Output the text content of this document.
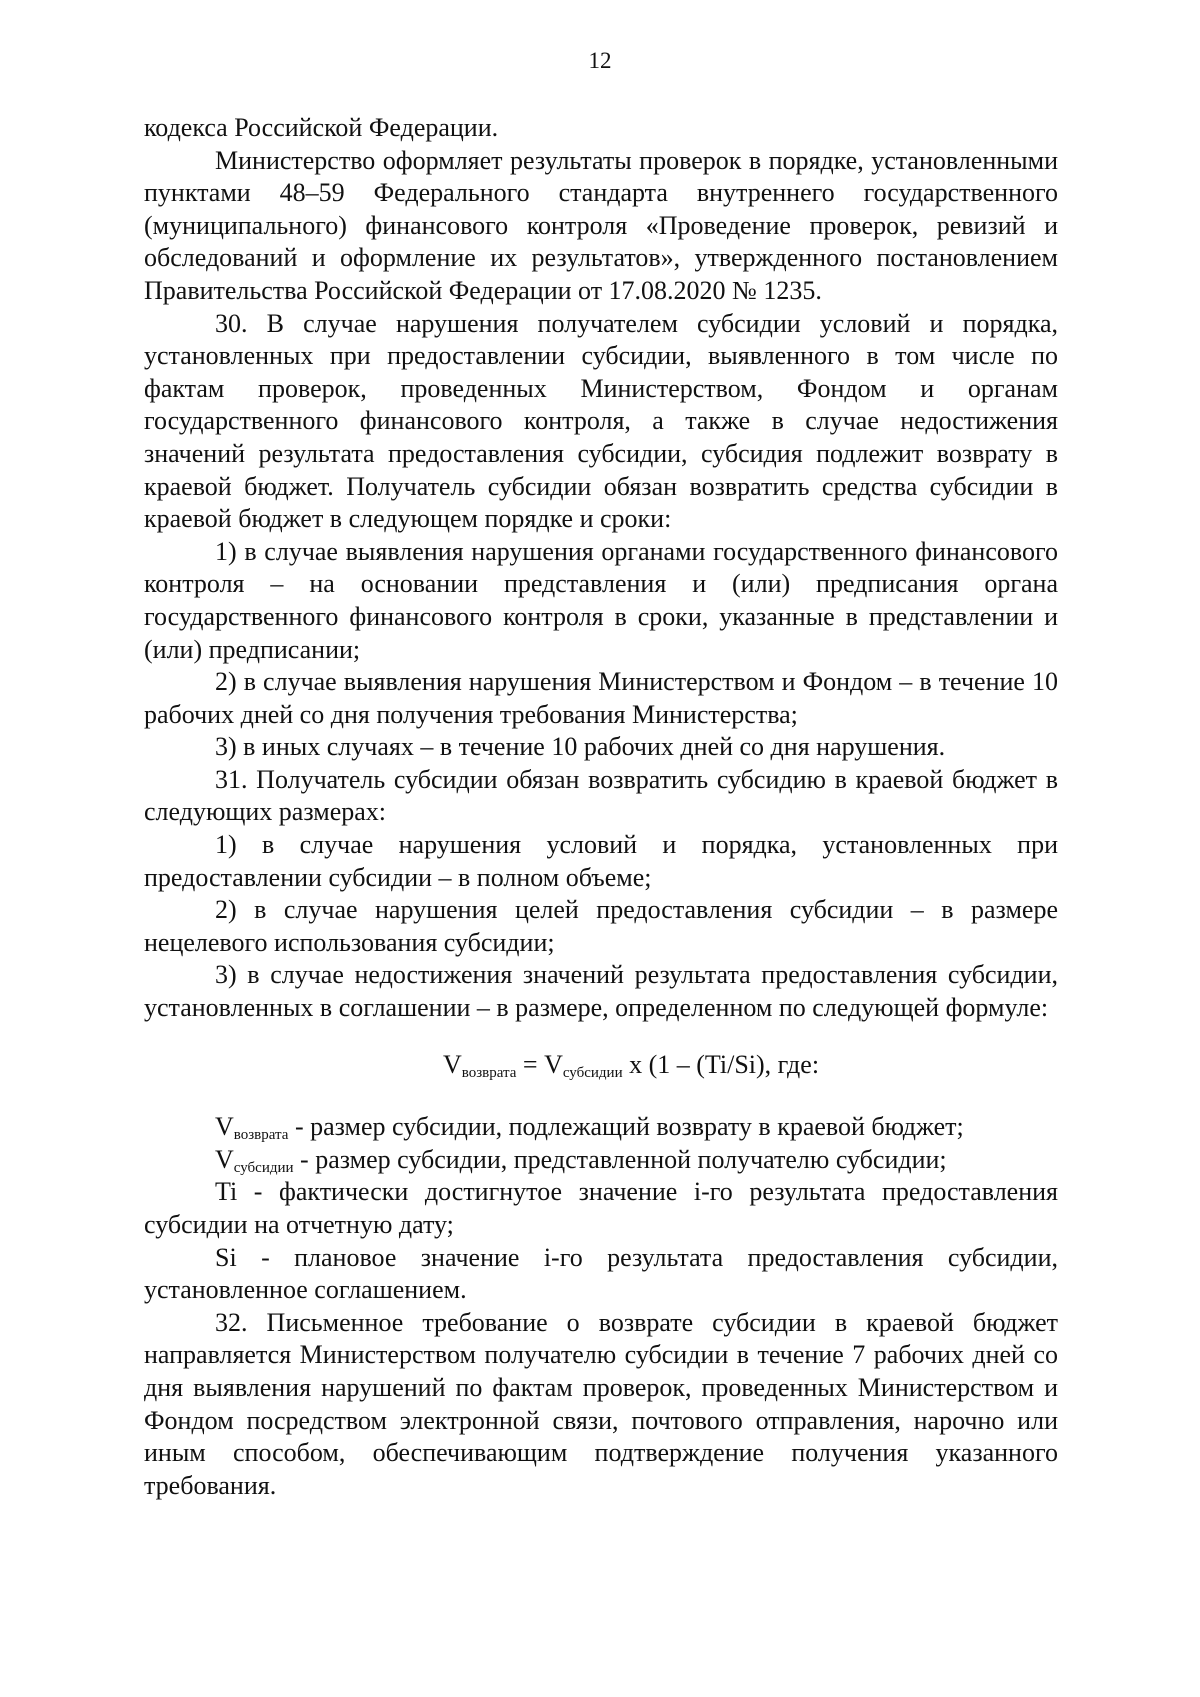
12

кодекса Российской Федерации.

Министерство оформляет результаты проверок в порядке, установленными пунктами 48–59 Федерального стандарта внутреннего государственного (муниципального) финансового контроля «Проведение проверок, ревизий и обследований и оформление их результатов», утвержденного постановлением Правительства Российской Федерации от 17.08.2020 № 1235.

30. В случае нарушения получателем субсидии условий и порядка, установленных при предоставлении субсидии, выявленного в том числе по фактам проверок, проведенных Министерством, Фондом и органам государственного финансового контроля, а также в случае недостижения значений результата предоставления субсидии, субсидия подлежит возврату в краевой бюджет. Получатель субсидии обязан возвратить средства субсидии в краевой бюджет в следующем порядке и сроки:

1) в случае выявления нарушения органами государственного финансового контроля – на основании представления и (или) предписания органа государственного финансового контроля в сроки, указанные в представлении и (или) предписании;

2) в случае выявления нарушения Министерством и Фондом – в течение 10 рабочих дней со дня получения требования Министерства;

3) в иных случаях – в течение 10 рабочих дней со дня нарушения.

31. Получатель субсидии обязан возвратить субсидию в краевой бюджет в следующих размерах:

1) в случае нарушения условий и порядка, установленных при предоставлении субсидии – в полном объеме;

2) в случае нарушения целей предоставления субсидии – в размере нецелевого использования субсидии;

3) в случае недостижения значений результата предоставления субсидии, установленных в соглашении – в размере, определенном по следующей формуле:

$V_{возврата} = V_{субсидии}$ x (1 – (Ti/Si), где:

$V_{возврата}$ - размер субсидии, подлежащий возврату в краевой бюджет;

$V_{субсидии}$ - размер субсидии, представленной получателю субсидии;

Ti - фактически достигнутое значение i-го результата предоставления субсидии на отчетную дату;

Si - плановое значение i-го результата предоставления субсидии, установленное соглашением.

32. Письменное требование о возврате субсидии в краевой бюджет направляется Министерством получателю субсидии в течение 7 рабочих дней со дня выявления нарушений по фактам проверок, проведенных Министерством и Фондом посредством электронной связи, почтового отправления, нарочно или иным способом, обеспечивающим подтверждение получения указанного требования.
